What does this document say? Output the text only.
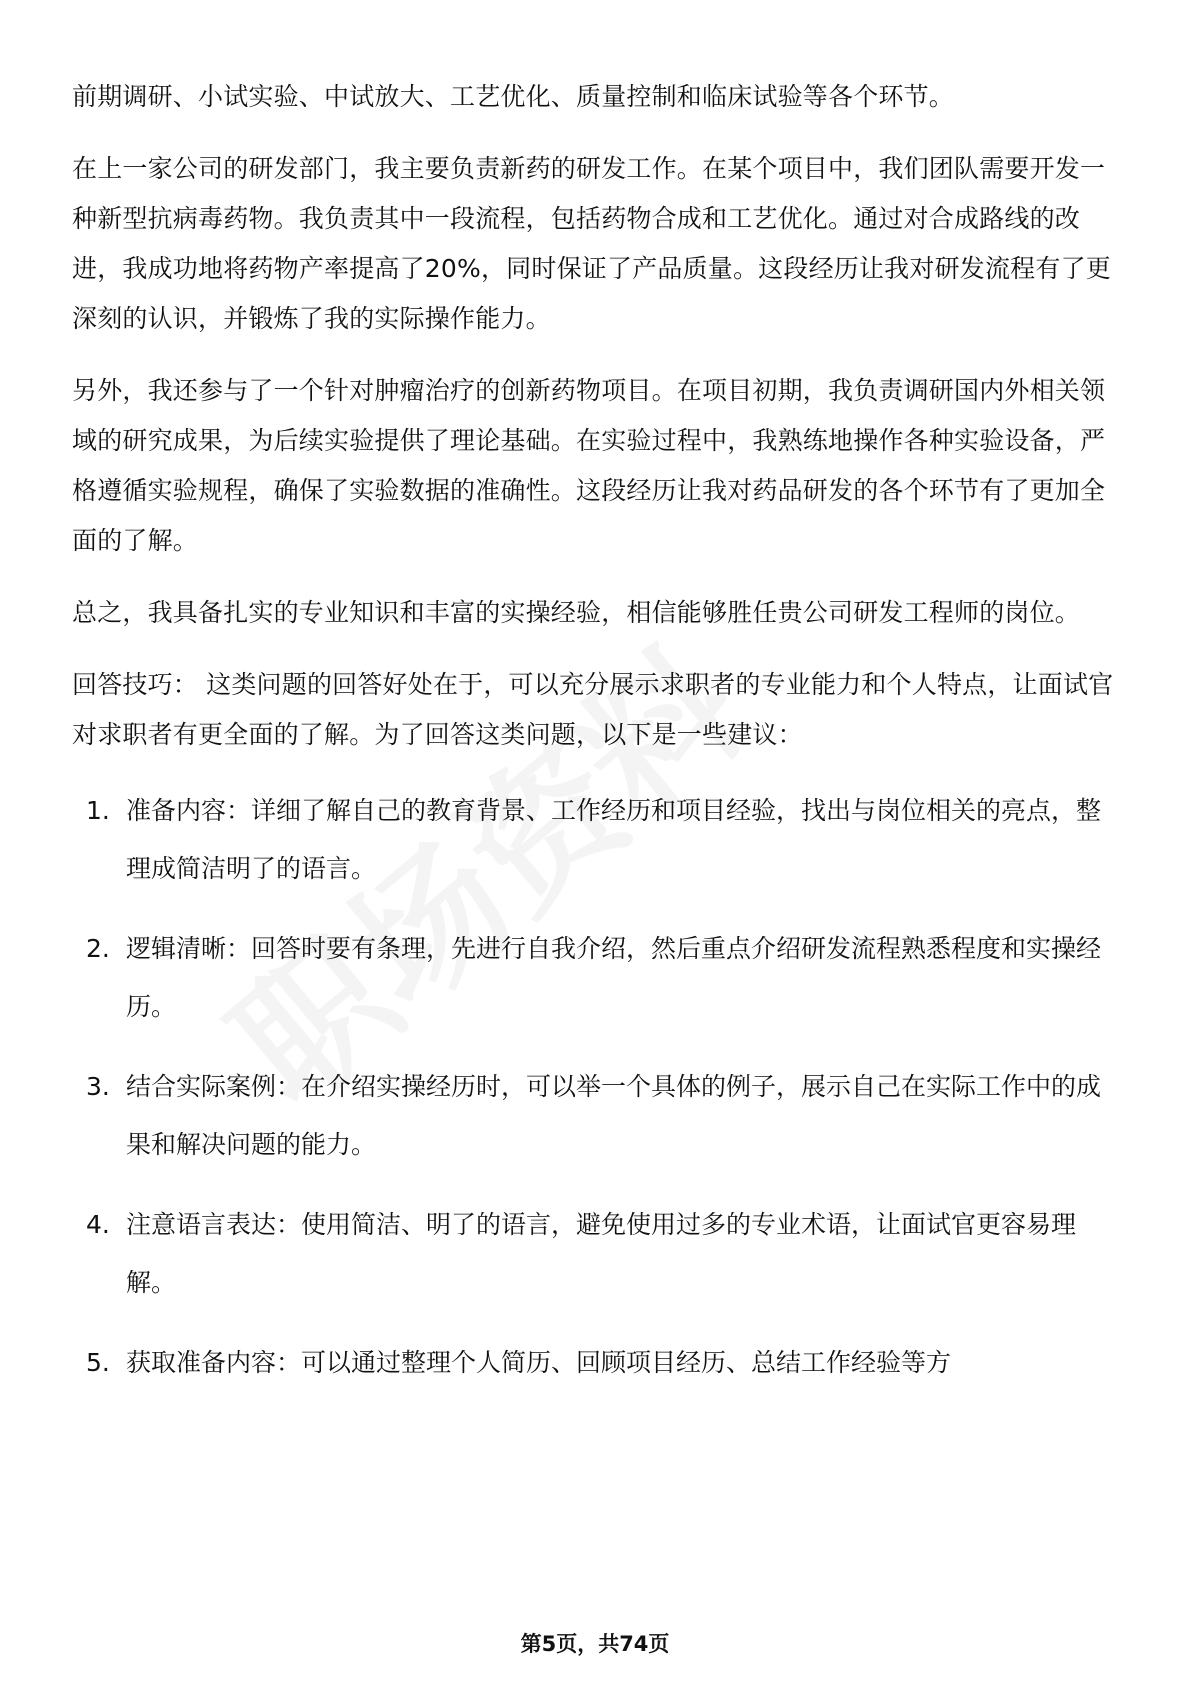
前期调研、小试实验、中试放大、工艺优化、质量控制和临床试验等各个环节。

在上一家公司的研发部门，我主要负责新药的研发工作。在某个项目中，我们团队需要开发一种新型抗病毒药物。我负责其中一段流程，包括药物合成和工艺优化。通过对合成路线的改进，我成功地将药物产率提高了20%，同时保证了产品质量。这段经历让我对研发流程有了更深刻的认识，并锻炼了我的实际操作能力。

另外，我还参与了一个针对肿瘤治疗的创新药物项目。在项目初期，我负责调研国内外相关领域的研究成果，为后续实验提供了理论基础。在实验过程中，我熟练地操作各种实验设备，严格遵循实验规程，确保了实验数据的准确性。这段经历让我对药品研发的各个环节有了更加全面的了解。

总之，我具备扎实的专业知识和丰富的实操经验，相信能够胜任贵公司研发工程师的岗位。

回答技巧： 这类问题的回答好处在于，可以充分展示求职者的专业能力和个人特点，让面试官对求职者有更全面的了解。为了回答这类问题，以下是一些建议：

1. 准备内容：详细了解自己的教育背景、工作经历和项目经验，找出与岗位相关的亮点，整理成简洁明了的语言。
2. 逻辑清晰：回答时要有条理，先进行自我介绍，然后重点介绍研发流程熟悉程度和实操经历。
3. 结合实际案例：在介绍实操经历时，可以举一个具体的例子，展示自己在实际工作中的成果和解决问题的能力。
4. 注意语言表达：使用简洁、明了的语言，避免使用过多的专业术语，让面试官更容易理解。
5. 获取准备内容：可以通过整理个人简历、回顾项目经历、总结工作经验等方
第5页，共74页
